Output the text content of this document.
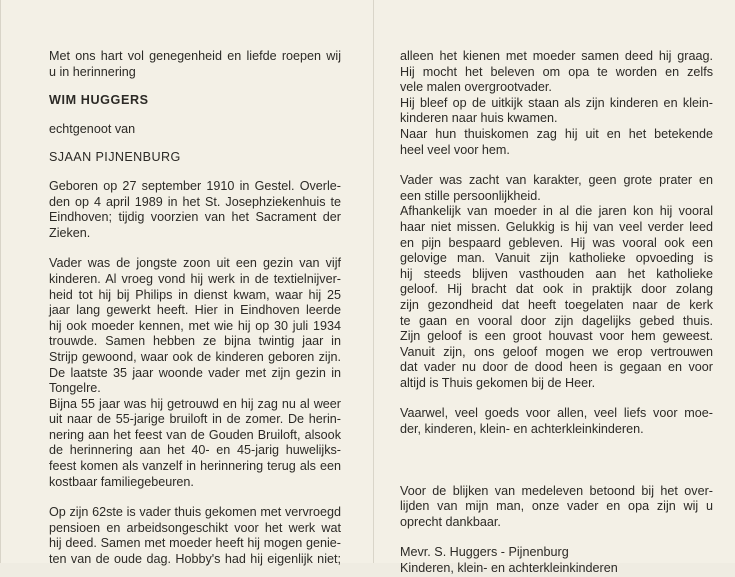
Met ons hart vol genegenheid en liefde roepen wij

u in herinnering

WIM HUGGERS

echtgenoot van

SJAAN PIJNENBURG

Geboren op 27 september 1910 in Gestel. Overle-

den op 4 april 1989 in het St. Josephziekenhuis te

Eindhoven; tijdig voorzien van het Sacrament der

Zieken.

Vader was de jongste zoon uit een gezin van vijf

kinderen. Al vroeg vond hij werk in de textielnijver-

heid tot hij bij Philips in dienst kwam, waar hij 25

jaar lang gewerkt heeft. Hier in Eindhoven leerde

hij ook moeder kennen, met wie hij op 30 juli 1934

trouwde. Samen hebben ze bijna twintig jaar in

Strijp gewoond, waar ook de kinderen geboren zijn.

De laatste 35 jaar woonde vader met zijn gezin in

Tongelre.

Bijna 55 jaar was hij getrouwd en hij zag nu al weer

uit naar de 55-jarige bruiloft in de zomer. De herin-

nering aan het feest van de Gouden Bruiloft, alsook

de herinnering aan het 40- en 45-jarig huwelijks-

feest komen als vanzelf in herinnering terug als een

kostbaar familiegebeuren.

Op zijn 62ste is vader thuis gekomen met vervroegd

pensioen en arbeidsongeschikt voor het werk wat

hij deed. Samen met moeder heeft hij mogen genie-

ten van de oude dag. Hobby's had hij eigenlijk niet;

alleen het kienen met moeder samen deed hij graag.

Hij mocht het beleven om opa te worden en zelfs

vele malen overgrootvader.

Hij bleef op de uitkijk staan als zijn kinderen en klein-

kinderen naar huis kwamen.

Naar hun thuiskomen zag hij uit en het betekende

heel veel voor hem.

Vader was zacht van karakter, geen grote prater en

een stille persoonlijkheid.

Afhankelijk van moeder in al die jaren kon hij vooral

haar niet missen. Gelukkig is hij van veel verder leed

en pijn bespaard gebleven. Hij was vooral ook een

gelovige man. Vanuit zijn katholieke opvoeding is

hij steeds blijven vasthouden aan het katholieke

geloof. Hij bracht dat ook in praktijk door zolang

zijn gezondheid dat heeft toegelaten naar de kerk

te gaan en vooral door zijn dagelijks gebed thuis.

Zijn geloof is een groot houvast voor hem geweest.

Vanuit zijn, ons geloof mogen we erop vertrouwen

dat vader nu door de dood heen is gegaan en voor

altijd is Thuis gekomen bij de Heer.

Vaarwel, veel goeds voor allen, veel liefs voor moe-

der, kinderen, klein- en achterkleinkinderen.

Voor de blijken van medeleven betoond bij het over-

lijden van mijn man, onze vader en opa zijn wij u

oprecht dankbaar.

Mevr. S. Huggers - Pijnenburg

Kinderen, klein- en achterkleinkinderen
